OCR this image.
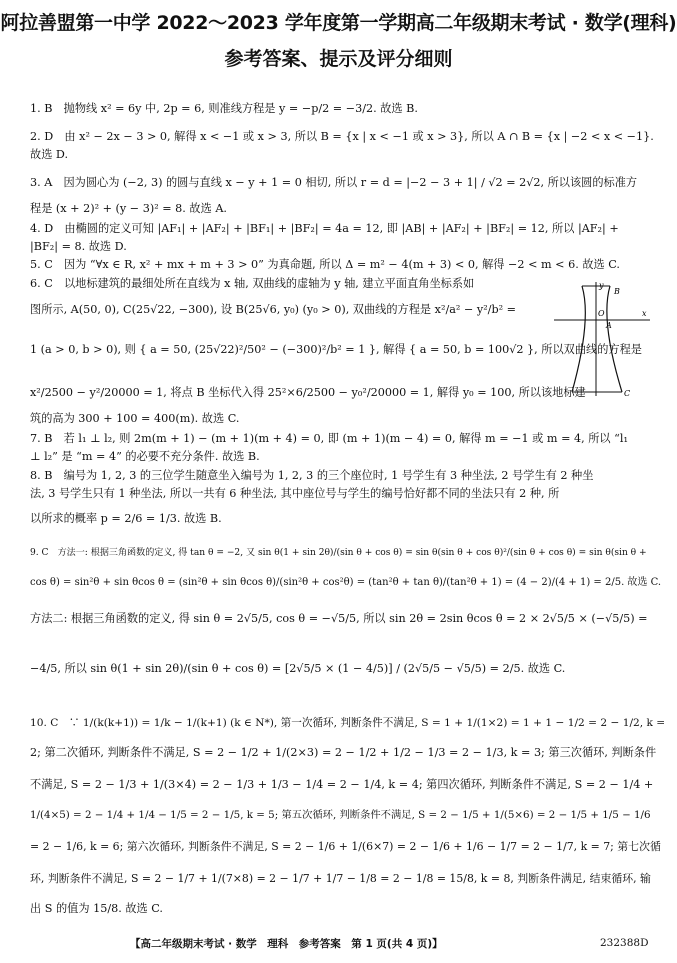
阿拉善盟第一中学 2022～2023 学年度第一学期高二年级期末考试 · 数学(理科)
参考答案、提示及评分细则
1. B　抛物线 x² = 6y 中, 2p = 6, 则准线方程是 y = −p/2 = −3/2. 故选 B.
2. D　由 x² − 2x − 3 > 0, 解得 x < −1 或 x > 3, 所以 B = {x | x < −1 或 x > 3}, 所以 A ∩ B = {x | −2 < x < −1}.
故选 D.
3. A　因为圆心为 (−2, 3) 的圆与直线 x − y + 1 = 0 相切, 所以 r = d = |−2 − 3 + 1| / √2 = 2√2, 所以该圆的标准方
程是 (x + 2)² + (y − 3)² = 8. 故选 A.
4. D　由椭圆的定义可知 |AF₁| + |AF₂| + |BF₁| + |BF₂| = 4a = 12, 即 |AB| + |AF₂| + |BF₂| = 12, 所以 |AF₂| +
|BF₂| = 8. 故选 D.
5. C　因为 “∀x ∈ R, x² + mx + m + 3 > 0” 为真命题, 所以 Δ = m² − 4(m + 3) < 0, 解得 −2 < m < 6. 故选 C.
6. C　以地标建筑的最细处所在直线为 x 轴, 双曲线的虚轴为 y 轴, 建立平面直角坐标系如
图所示, A(50, 0), C(25√22, −300), 设 B(25√6, y₀) (y₀ > 0), 双曲线的方程是 x²/a² − y²/b² =
1 (a > 0, b > 0), 则 { a = 50, (25√22)²/50² − (−300)²/b² = 1 }, 解得 { a = 50, b = 100√2 }, 所以双曲线的方程是
x²/2500 − y²/20000 = 1, 将点 B 坐标代入得 25²×6/2500 − y₀²/20000 = 1, 解得 y₀ = 100, 所以该地标建
筑的高为 300 + 100 = 400(m). 故选 C.
7. B　若 l₁ ⊥ l₂, 则 2m(m + 1) − (m + 1)(m + 4) = 0, 即 (m + 1)(m − 4) = 0, 解得 m = −1 或 m = 4, 所以 “l₁
⊥ l₂” 是 “m = 4” 的必要不充分条件. 故选 B.
8. B　编号为 1, 2, 3 的三位学生随意坐入编号为 1, 2, 3 的三个座位时, 1 号学生有 3 种坐法, 2 号学生有 2 种坐
法, 3 号学生只有 1 种坐法, 所以一共有 6 种坐法, 其中座位号与学生的编号恰好都不同的坐法只有 2 种, 所
以所求的概率 p = 2/6 = 1/3. 故选 B.
9. C　方法一: 根据三角函数的定义, 得 tan θ = −2, 又 sin θ(1 + sin 2θ)/(sin θ + cos θ) = sin θ(sin θ + cos θ)²/(sin θ + cos θ) = sin θ(sin θ +
cos θ) = sin²θ + sin θcos θ = (sin²θ + sin θcos θ)/(sin²θ + cos²θ) = (tan²θ + tan θ)/(tan²θ + 1) = (4 − 2)/(4 + 1) = 2/5. 故选 C.
方法二: 根据三角函数的定义, 得 sin θ = 2√5/5, cos θ = −√5/5, 所以 sin 2θ = 2sin θcos θ = 2 × 2√5/5 × (−√5/5) =
−4/5, 所以 sin θ(1 + sin 2θ)/(sin θ + cos θ) = [2√5/5 × (1 − 4/5)] / (2√5/5 − √5/5) = 2/5. 故选 C.
10. C　∵ 1/(k(k+1)) = 1/k − 1/(k+1) (k ∈ N*), 第一次循环, 判断条件不满足, S = 1 + 1/(1×2) = 1 + 1 − 1/2 = 2 − 1/2, k =
2; 第二次循环, 判断条件不满足, S = 2 − 1/2 + 1/(2×3) = 2 − 1/2 + 1/2 − 1/3 = 2 − 1/3, k = 3; 第三次循环, 判断条件
不满足, S = 2 − 1/3 + 1/(3×4) = 2 − 1/3 + 1/3 − 1/4 = 2 − 1/4, k = 4; 第四次循环, 判断条件不满足, S = 2 − 1/4 +
1/(4×5) = 2 − 1/4 + 1/4 − 1/5 = 2 − 1/5, k = 5; 第五次循环, 判断条件不满足, S = 2 − 1/5 + 1/(5×6) = 2 − 1/5 + 1/5 − 1/6
= 2 − 1/6, k = 6; 第六次循环, 判断条件不满足, S = 2 − 1/6 + 1/(6×7) = 2 − 1/6 + 1/6 − 1/7 = 2 − 1/7, k = 7; 第七次循
环, 判断条件不满足, S = 2 − 1/7 + 1/(7×8) = 2 − 1/7 + 1/7 − 1/8 = 2 − 1/8 = 15/8, k = 8, 判断条件满足, 结束循环, 输
出 S 的值为 15/8. 故选 C.
B
y
O
A
x
C
【高二年级期末考试 · 数学　理科　参考答案　第 1 页(共 4 页)】	232388D
